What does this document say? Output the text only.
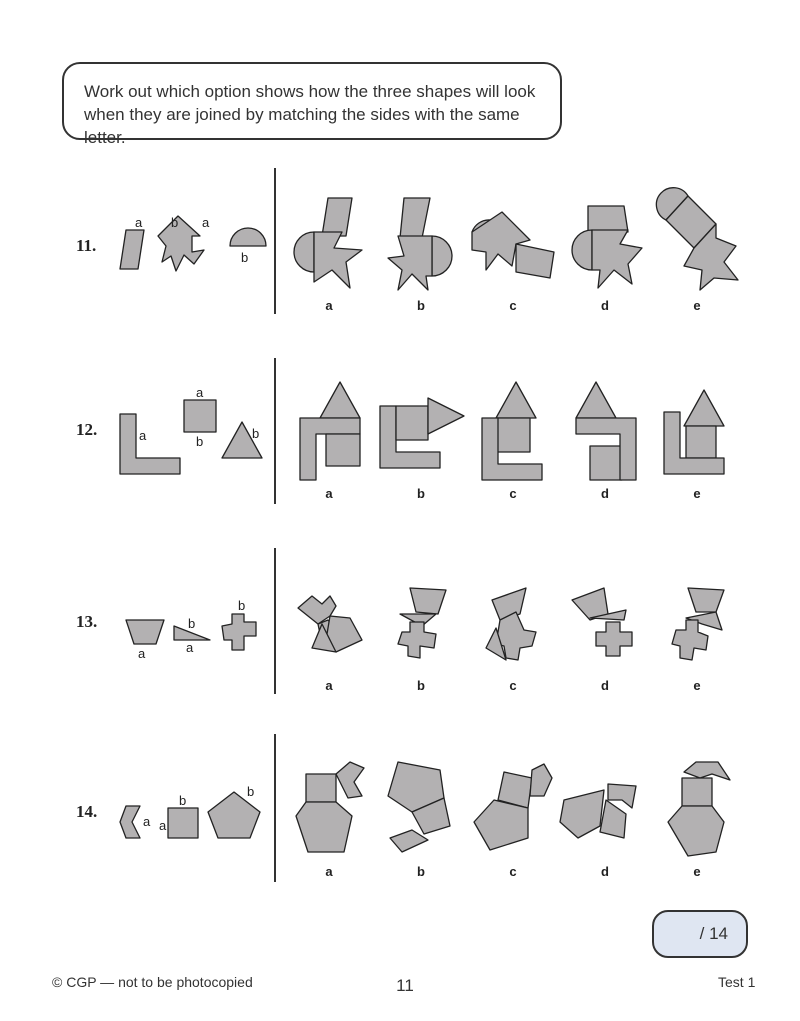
Work out which option shows how the three shapes will look when they are joined by matching the sides with the same letter.
11.
12.
13.
14.
a b a
b
a
a
b
b
a
b
a
b
a
b
a
b
a	b	c	d	e
a	b	c	d	e
a	b	c	d	e
a	b	c	d	e
/ 14
© CGP — not to be photocopied	11	Test 1
